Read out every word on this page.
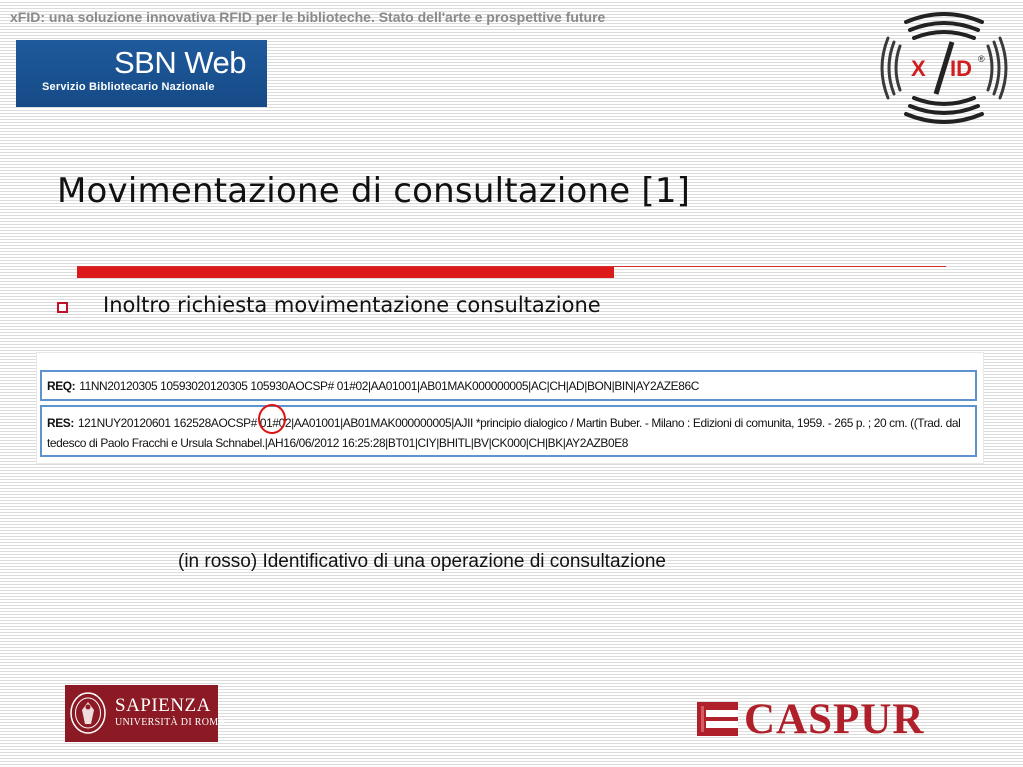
xFID: una soluzione innovativa RFID per le biblioteche. Stato dell'arte e prospettive future
SBN Web
Servizio Bibliotecario Nazionale
X ID ®
Movimentazione di consultazione [1]
Inoltro richiesta movimentazione consultazione
REQ: 11NN20120305 10593020120305 105930AOCSP# 01#02|AA01001|AB01MAK000000005|AC|CH|AD|BON|BIN|AY2AZE86C
RES: 121NUY20120601 162528AOCSP# 01#02|AA01001|AB01MAK000000005|AJII *principio dialogico / Martin Buber. - Milano : Edizioni di comunita, 1959. - 265 p. ; 20 cm. ((Trad. dal
tedesco di Paolo Fracchi e Ursula Schnabel.|AH16/06/2012 16:25:28|BT01|CIY|BHITL|BV|CK000|CH|BK|AY2AZB0E8
(in rosso) Identificativo di una operazione di consultazione
SAPIENZA
UNIVERSITÀ DI ROMA	CASPUR
